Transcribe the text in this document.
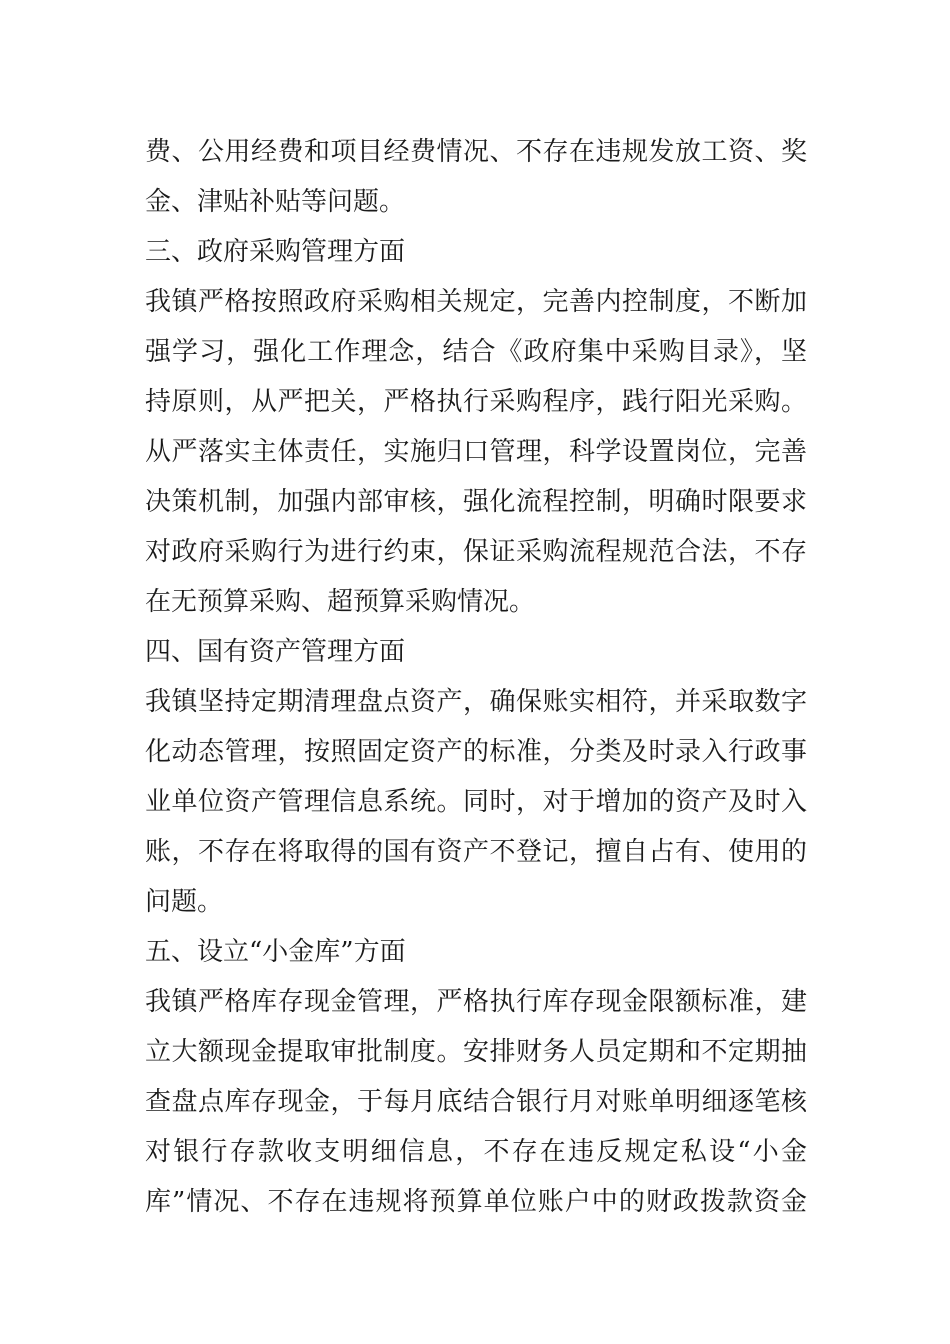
费、公用经费和项目经费情况、不存在违规发放工资、奖
金、津贴补贴等问题。
三、政府采购管理方面
我镇严格按照政府采购相关规定，完善内控制度，不断加
强学习，强化工作理念，结合《政府集中采购目录》，坚
持原则，从严把关，严格执行采购程序，践行阳光采购。
从严落实主体责任，实施归口管理，科学设置岗位，完善
决策机制，加强内部审核，强化流程控制，明确时限要求
对政府采购行为进行约束，保证采购流程规范合法，不存
在无预算采购、超预算采购情况。
四、国有资产管理方面
我镇坚持定期清理盘点资产，确保账实相符，并采取数字
化动态管理，按照固定资产的标准，分类及时录入行政事
业单位资产管理信息系统。同时，对于增加的资产及时入
账，不存在将取得的国有资产不登记，擅自占有、使用的
问题。
五、设立“小金库”方面
我镇严格库存现金管理，严格执行库存现金限额标准，建
立大额现金提取审批制度。安排财务人员定期和不定期抽
查盘点库存现金，于每月底结合银行月对账单明细逐笔核
对银行存款收支明细信息，不存在违反规定私设“小金
库”情况、不存在违规将预算单位账户中的财政拨款资金
